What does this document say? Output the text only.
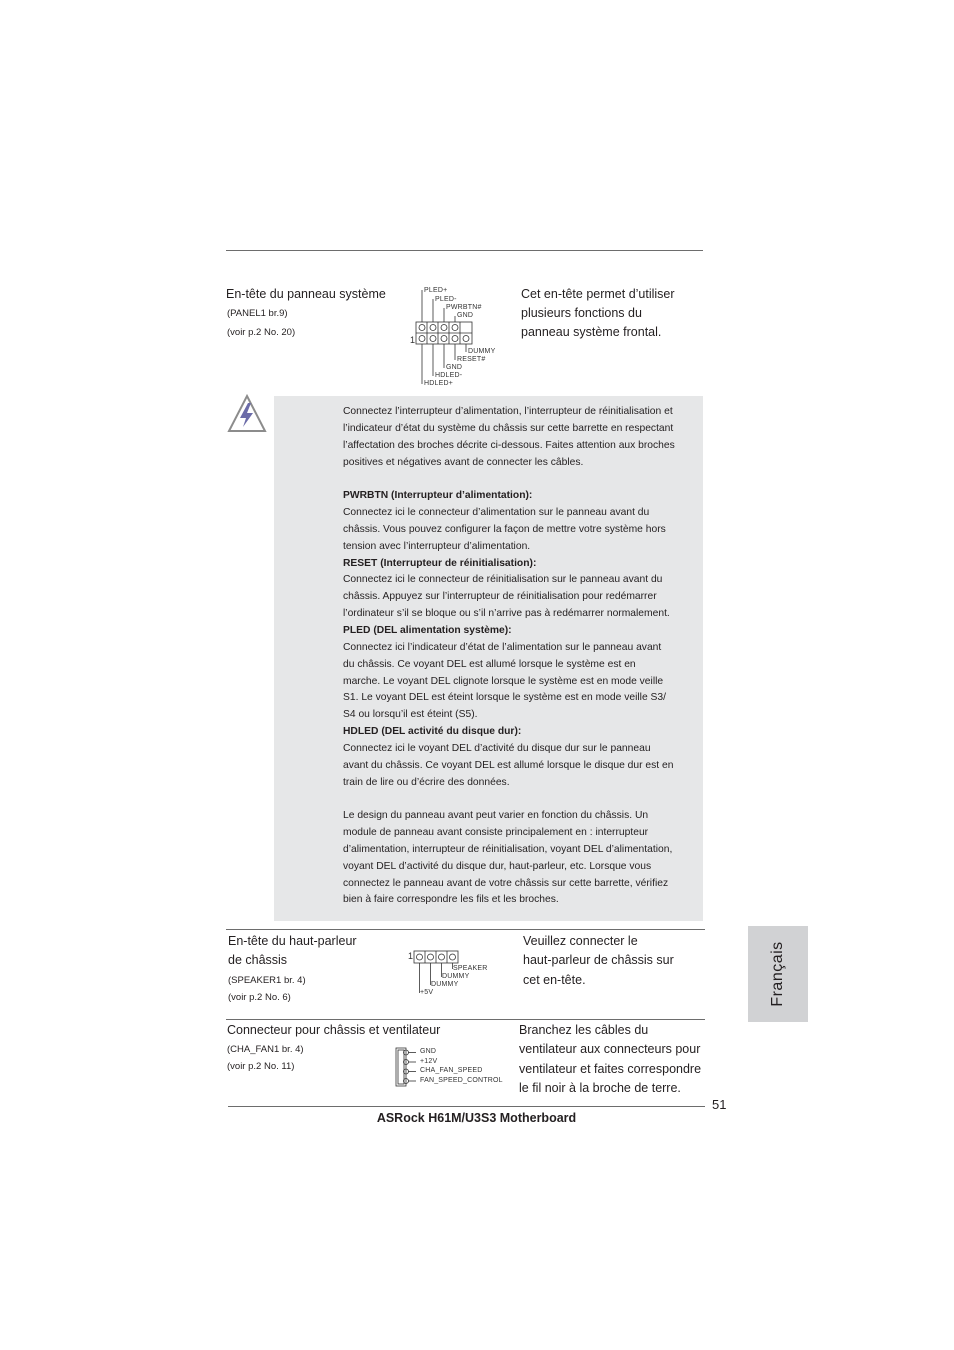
En-tête du panneau système
(PANEL1 br.9)
(voir p.2 No. 20)
Cet en-tête permet d’utiliser
plusieurs fonctions du
panneau système frontal.
PLED+
PLED-
PWRBTN#
GND
DUMMY
RESET#
GND
HDLED-
HDLED+
1

Connectez l’interrupteur d’alimentation, l’interrupteur de réinitialisation et

l’indicateur d’état du système du châssis sur cette barrette en respectant

l’affectation des broches décrite ci-dessous. Faites attention aux broches

positives et négatives avant de connecter les câbles.

PWRBTN (Interrupteur d’alimentation):

Connectez ici le connecteur d’alimentation sur le panneau avant du

châssis. Vous pouvez configurer la façon de mettre votre système hors

tension avec l’interrupteur d’alimentation.

RESET (Interrupteur de réinitialisation):

Connectez ici le connecteur de réinitialisation sur le panneau avant du

châssis. Appuyez sur l’interrupteur de réinitialisation pour redémarrer

l’ordinateur s’il se bloque ou s’il n’arrive pas à redémarrer normalement.

PLED (DEL alimentation système):

Connectez ici l’indicateur d’état de l’alimentation sur le panneau avant

du châssis. Ce voyant DEL est allumé lorsque le système est en

marche. Le voyant DEL clignote lorsque le système est en mode veille

S1. Le voyant DEL est éteint lorsque le système est en mode veille S3/

S4 ou lorsqu’il est éteint (S5).

HDLED (DEL activité du disque dur):

Connectez ici le voyant DEL d’activité du disque dur sur le panneau

avant du châssis. Ce voyant DEL est allumé lorsque le disque dur est en

train de lire ou d’écrire des données.

Le design du panneau avant peut varier en fonction du châssis. Un

module de panneau avant consiste principalement en : interrupteur

d’alimentation, interrupteur de réinitialisation, voyant DEL d’alimentation,

voyant DEL d’activité du disque dur, haut-parleur, etc. Lorsque vous

connectez le panneau avant de votre châssis sur cette barrette, vérifiez

bien à faire correspondre les fils et les broches.

En-tête du haut-parleur
de châssis
(SPEAKER1 br. 4)
(voir p.2 No. 6)
Veuillez connecter le
haut-parleur de châssis sur
cet en-tête.
SPEAKER
DUMMY
DUMMY
+5V
1	Français
Connecteur pour châssis et ventilateur
(CHA_FAN1 br. 4)
(voir p.2 No. 11)
Branchez les câbles du
ventilateur aux connecteurs pour
ventilateur et faites correspondre
le fil noir à la broche de terre.
GND
+12V
CHA_FAN_SPEED
FAN_SPEED_CONTROL
51
ASRock H61M/U3S3 Motherboard
